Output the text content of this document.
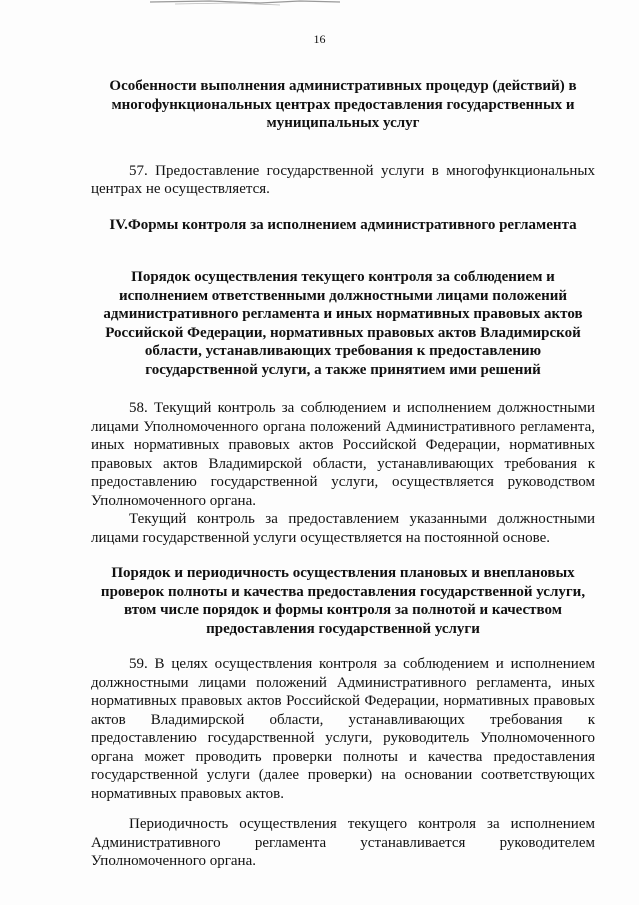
16

Особенности выполнения административных процедур (действий) в многофункциональных центрах предоставления государственных и муниципальных услуг

57. Предоставление государственной услуги в многофункциональных центрах не осуществляется.

IV.Формы контроля за исполнением административного регламента

Порядок осуществления текущего контроля за соблюдением и исполнением ответственными должностными лицами положений административного регламента и иных нормативных правовых актов Российской Федерации, нормативных правовых актов Владимирской области, устанавливающих требования к предоставлению государственной услуги, а также принятием ими решений

58. Текущий контроль за соблюдением и исполнением должностными лицами Уполномоченного органа положений Административного регламента, иных нормативных правовых актов Российской Федерации, нормативных правовых актов Владимирской области, устанавливающих требования к предоставлению государственной услуги, осуществляется руководством Уполномоченного органа.

Текущий контроль за предоставлением указанными должностными лицами государственной услуги осуществляется на постоянной основе.

Порядок и периодичность осуществления плановых и внеплановых проверок полноты и качества предоставления государственной услуги, втом числе порядок и формы контроля за полнотой и качеством предоставления государственной услуги

59. В целях осуществления контроля за соблюдением и исполнением должностными лицами положений Административного регламента, иных нормативных правовых актов Российской Федерации, нормативных правовых актов Владимирской области, устанавливающих требования к предоставлению государственной услуги, руководитель Уполномоченного органа может проводить проверки полноты и качества предоставления государственной услуги (далее проверки) на основании соответствующих нормативных правовых актов.

Периодичность осуществления текущего контроля за исполнением Административного регламента устанавливается руководителем Уполномоченного органа.
